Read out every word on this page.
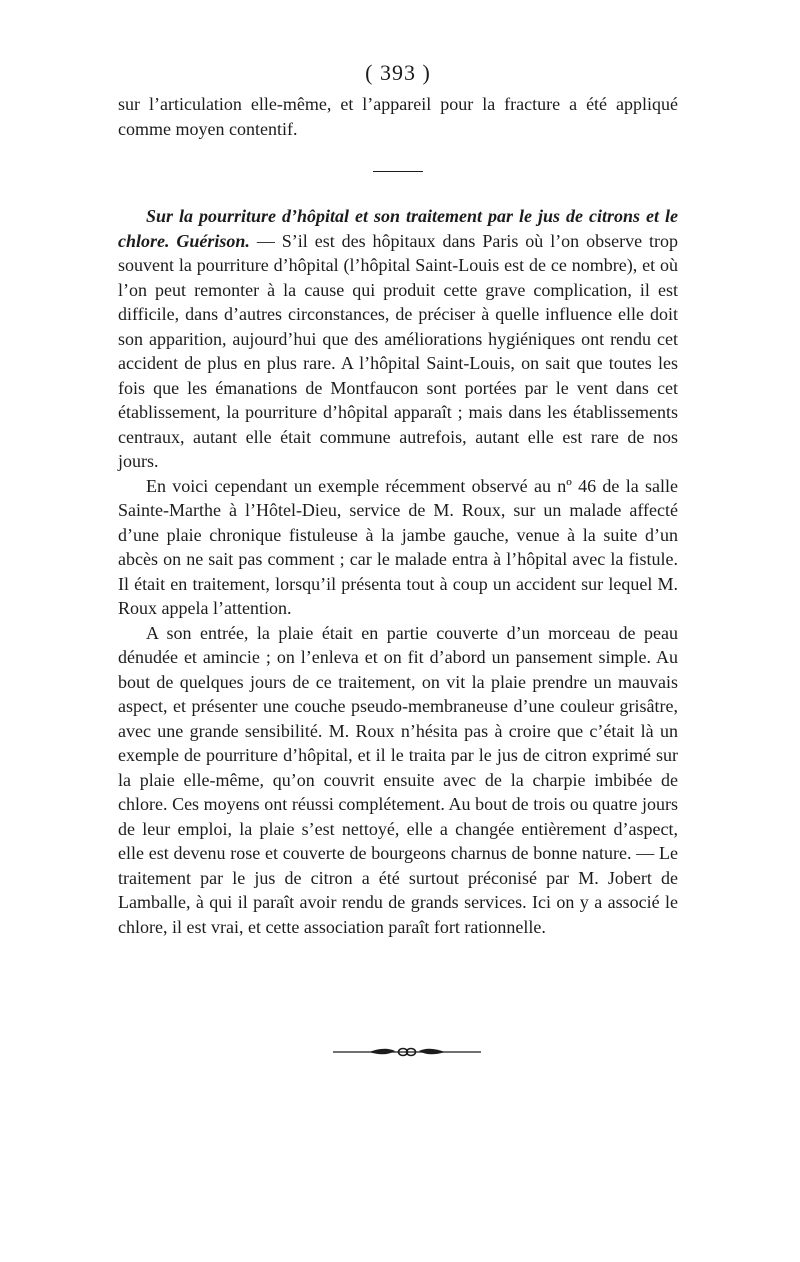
( 393 )

sur l’articulation elle-même, et l’appareil pour la fracture a été appliqué comme moyen contentif.

Sur la pourriture d’hôpital et son traitement par le jus de citrons et le chlore. Guérison. — S’il est des hôpitaux dans Paris où l’on observe trop souvent la pourriture d’hôpital (l’hôpital Saint-Louis est de ce nombre), et où l’on peut remonter à la cause qui produit cette grave complication, il est difficile, dans d’autres circonstances, de préciser à quelle influence elle doit son apparition, aujourd’hui que des améliorations hygiéniques ont rendu cet accident de plus en plus rare. A l’hôpital Saint-Louis, on sait que toutes les fois que les émanations de Montfaucon sont portées par le vent dans cet établissement, la pourriture d’hôpital apparaît ; mais dans les établissements centraux, autant elle était commune autrefois, autant elle est rare de nos jours.

En voici cependant un exemple récemment observé au nº 46 de la salle Sainte-Marthe à l’Hôtel-Dieu, service de M. Roux, sur un malade affecté d’une plaie chronique fistuleuse à la jambe gauche, venue à la suite d’un abcès on ne sait pas comment ; car le malade entra à l’hôpital avec la fistule. Il était en traitement, lorsqu’il présenta tout à coup un accident sur lequel M. Roux appela l’attention.

A son entrée, la plaie était en partie couverte d’un morceau de peau dénudée et amincie ; on l’enleva et on fit d’abord un pansement simple. Au bout de quelques jours de ce traitement, on vit la plaie prendre un mauvais aspect, et présenter une couche pseudo-membraneuse d’une couleur grisâtre, avec une grande sensibilité. M. Roux n’hésita pas à croire que c’était là un exemple de pourriture d’hôpital, et il le traita par le jus de citron exprimé sur la plaie elle-même, qu’on couvrit ensuite avec de la charpie imbibée de chlore. Ces moyens ont réussi complétement. Au bout de trois ou quatre jours de leur emploi, la plaie s’est nettoyé, elle a changée entièrement d’aspect, elle est devenu rose et couverte de bourgeons charnus de bonne nature. — Le traitement par le jus de citron a été surtout préconisé par M. Jobert de Lamballe, à qui il paraît avoir rendu de grands services. Ici on y a associé le chlore, il est vrai, et cette association paraît fort rationnelle.
